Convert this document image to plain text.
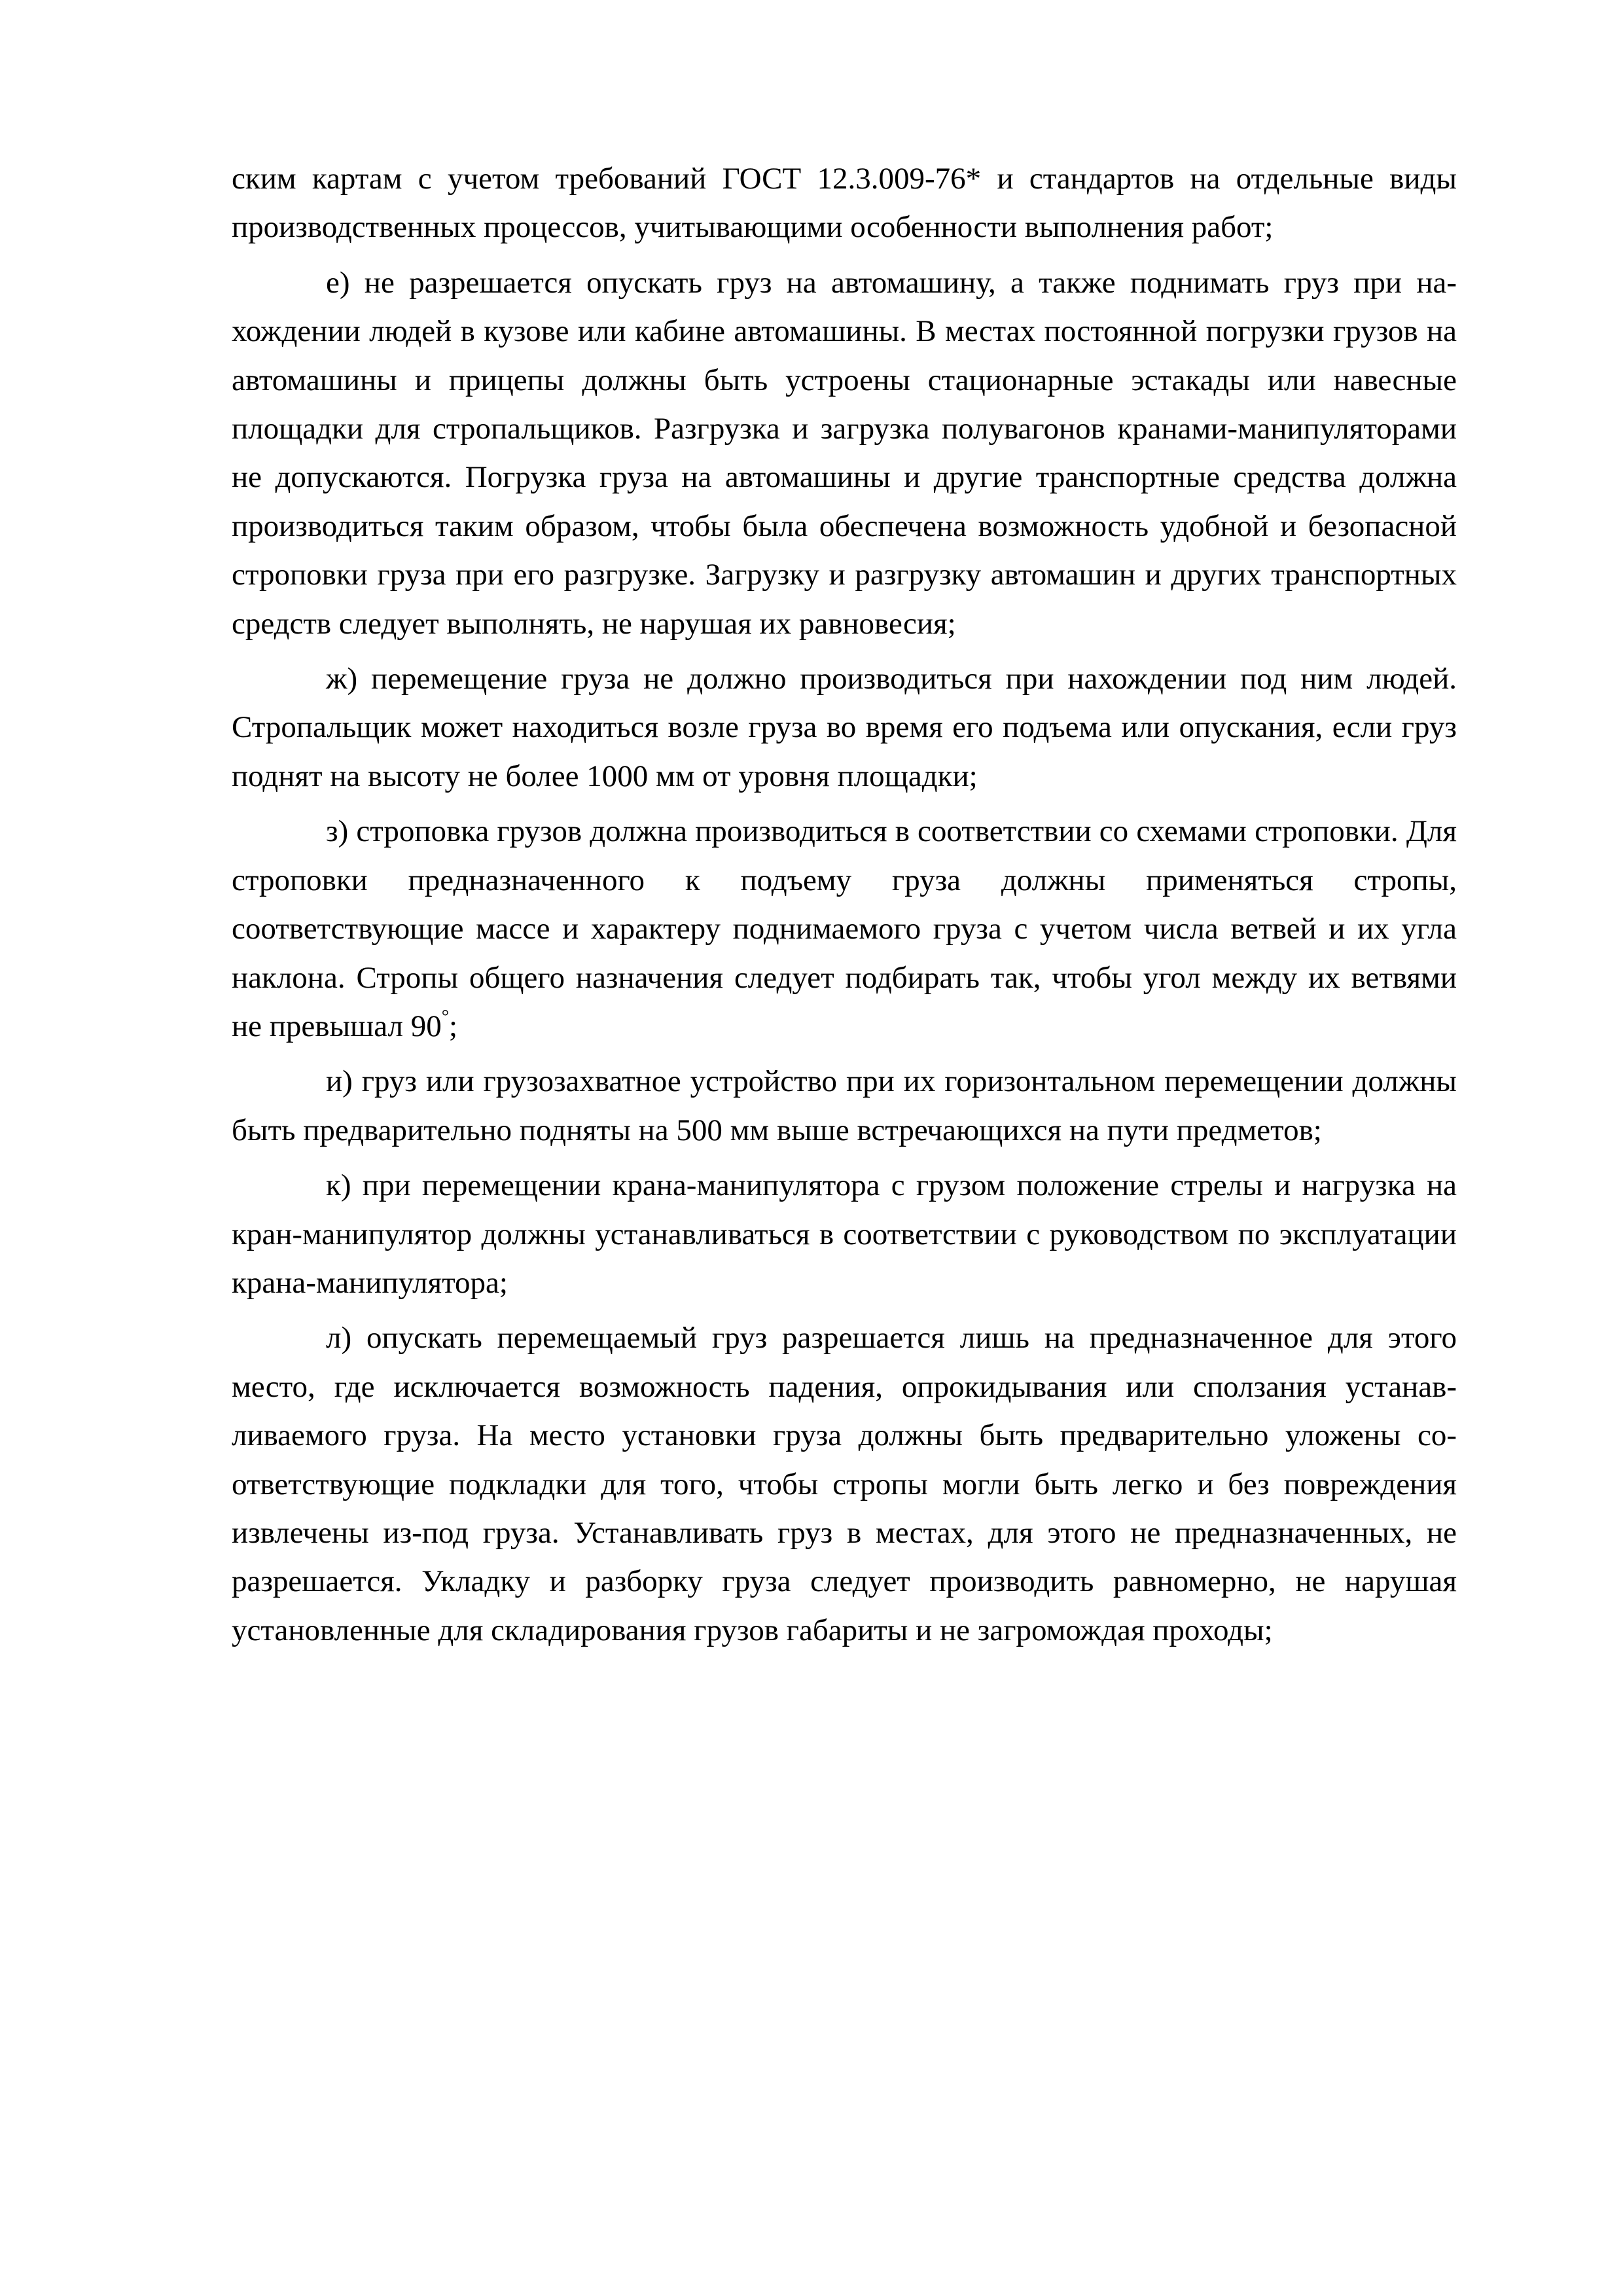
ским картам с учетом требований ГОСТ 12.3.009-76* и стандартов на отдельные виды производственных процессов, учитывающими особенности выполнения работ;

е) не разрешается опускать груз на автомашину, а также поднимать груз при нахождении людей в кузове или кабине автомашины. В местах постоянной погрузки грузов на автомашины и прицепы должны быть устроены стационарные эстакады или навесные площадки для стропальщиков. Разгрузка и загрузка полувагонов кранами-манипуляторами не допускаются. Погрузка груза на автомашины и другие транспортные средства должна производиться таким образом, чтобы была обеспечена возможность удобной и безопасной строповки груза при его разгрузке. Загрузку и разгрузку автомашин и других транспортных средств следует выполнять, не нарушая их равновесия;

ж) перемещение груза не должно производиться при нахождении под ним людей. Стропальщик может находиться возле груза во время его подъема или опускания, если груз поднят на высоту не более 1000 мм от уровня площадки;

з) строповка грузов должна производиться в соответствии со схемами строповки. Для строповки предназначенного к подъему груза должны применяться стропы, соответствующие массе и характеру поднимаемого груза с учетом числа ветвей и их угла наклона. Стропы общего назначения следует подбирать так, чтобы угол между их ветвями не превышал 90°;

и) груз или грузозахватное устройство при их горизонтальном перемещении должны быть предварительно подняты на 500 мм выше встречающихся на пути предметов;

к) при перемещении крана-манипулятора с грузом положение стрелы и нагрузка на кран-манипулятор должны устанавливаться в соответствии с руководством по эксплуатации крана-манипулятора;

л) опускать перемещаемый груз разрешается лишь на предназначенное для этого место, где исключается возможность падения, опрокидывания или сползания устанавливаемого груза. На место установки груза должны быть предварительно уложены соответствующие подкладки для того, чтобы стропы могли быть легко и без повреждения извлечены из-под груза. Устанавливать груз в местах, для этого не предназначенных, не разрешается. Укладку и разборку груза следует производить равномерно, не нарушая установленные для складирования грузов габариты и не загромождая проходы;
